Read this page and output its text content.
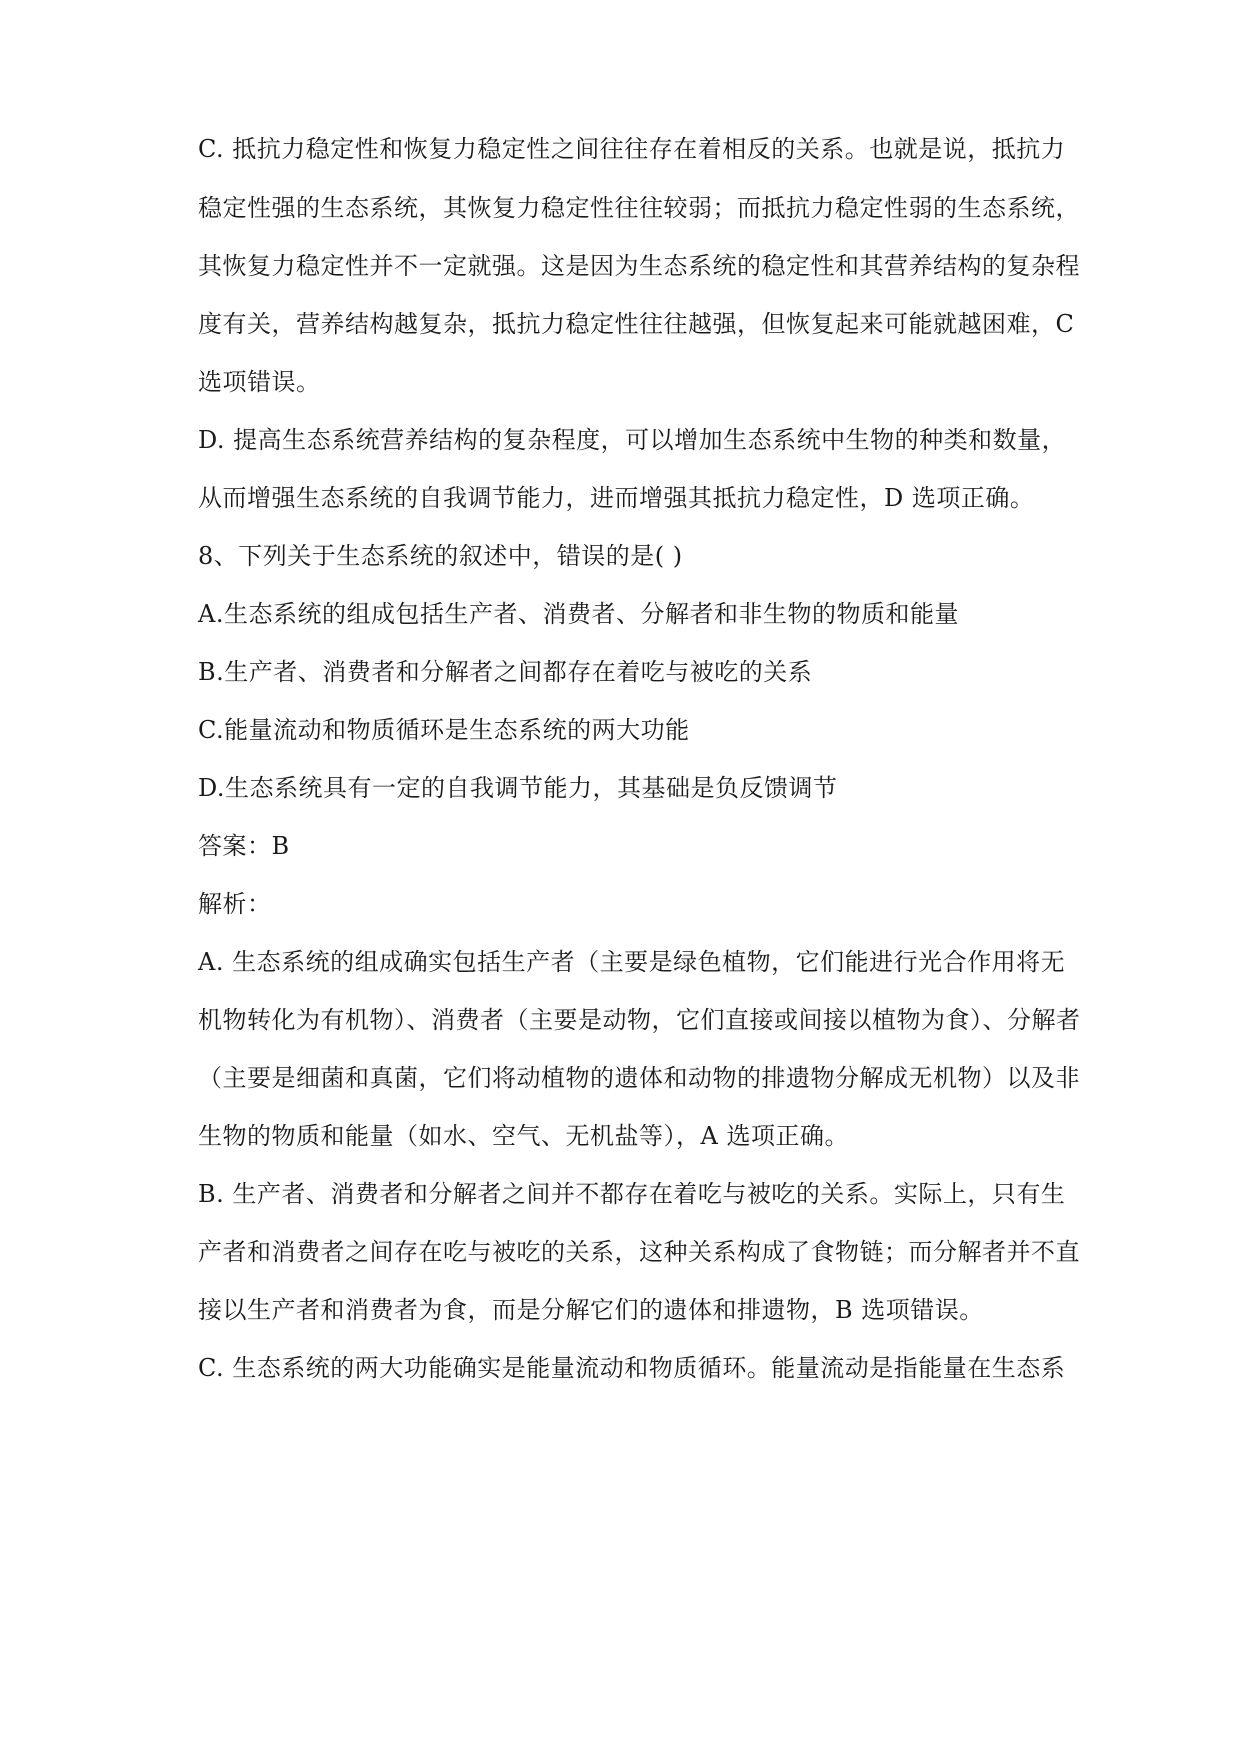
C. 抵抗力稳定性和恢复力稳定性之间往往存在着相反的关系。也就是说，抵抗力
稳定性强的生态系统，其恢复力稳定性往往较弱；而抵抗力稳定性弱的生态系统，
其恢复力稳定性并不一定就强。这是因为生态系统的稳定性和其营养结构的复杂程
度有关，营养结构越复杂，抵抗力稳定性往往越强，但恢复起来可能就越困难，C
选项错误。
D. 提高生态系统营养结构的复杂程度，可以增加生态系统中生物的种类和数量，
从而增强生态系统的自我调节能力，进而增强其抵抗力稳定性，D 选项正确。
8、下列关于生态系统的叙述中，错误的是( )
A.生态系统的组成包括生产者、消费者、分解者和非生物的物质和能量
B.生产者、消费者和分解者之间都存在着吃与被吃的关系
C.能量流动和物质循环是生态系统的两大功能
D.生态系统具有一定的自我调节能力，其基础是负反馈调节
答案：B
解析：
A. 生态系统的组成确实包括生产者（主要是绿色植物，它们能进行光合作用将无
机物转化为有机物）、消费者（主要是动物，它们直接或间接以植物为食）、分解者
（主要是细菌和真菌，它们将动植物的遗体和动物的排遗物分解成无机物）以及非
生物的物质和能量（如水、空气、无机盐等），A 选项正确。
B. 生产者、消费者和分解者之间并不都存在着吃与被吃的关系。实际上，只有生
产者和消费者之间存在吃与被吃的关系，这种关系构成了食物链；而分解者并不直
接以生产者和消费者为食，而是分解它们的遗体和排遗物，B 选项错误。
C. 生态系统的两大功能确实是能量流动和物质循环。能量流动是指能量在生态系
